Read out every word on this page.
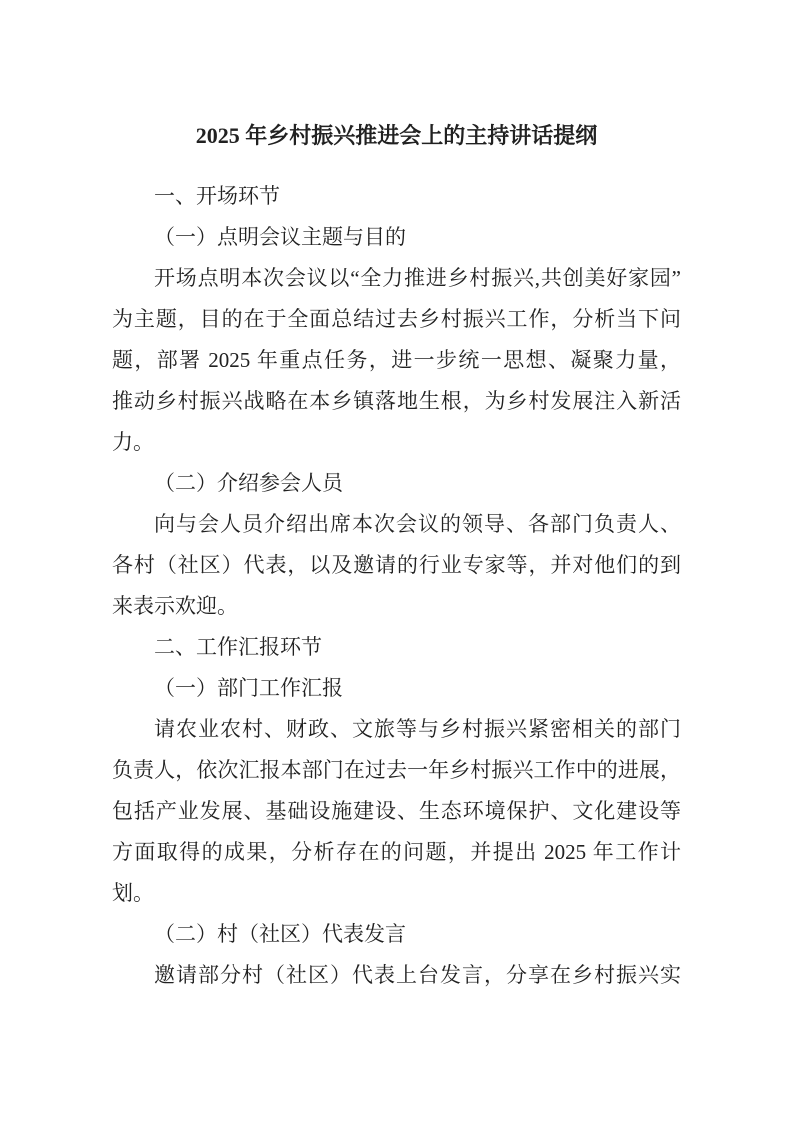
2025 年乡村振兴推进会上的主持讲话提纲
一、开场环节
（一）点明会议主题与目的
开场点明本次会议以“全力推进乡村振兴,共创美好家园”
为主题，目的在于全面总结过去乡村振兴工作，分析当下问
题，部署 2025 年重点任务，进一步统一思想、凝聚力量，
推动乡村振兴战略在本乡镇落地生根，为乡村发展注入新活
力。
（二）介绍参会人员
向与会人员介绍出席本次会议的领导、各部门负责人、
各村（社区）代表，以及邀请的行业专家等，并对他们的到
来表示欢迎。
二、工作汇报环节
（一）部门工作汇报
请农业农村、财政、文旅等与乡村振兴紧密相关的部门
负责人，依次汇报本部门在过去一年乡村振兴工作中的进展，
包括产业发展、基础设施建设、生态环境保护、文化建设等
方面取得的成果，分析存在的问题，并提出 2025 年工作计
划。
（二）村（社区）代表发言
邀请部分村（社区）代表上台发言，分享在乡村振兴实
